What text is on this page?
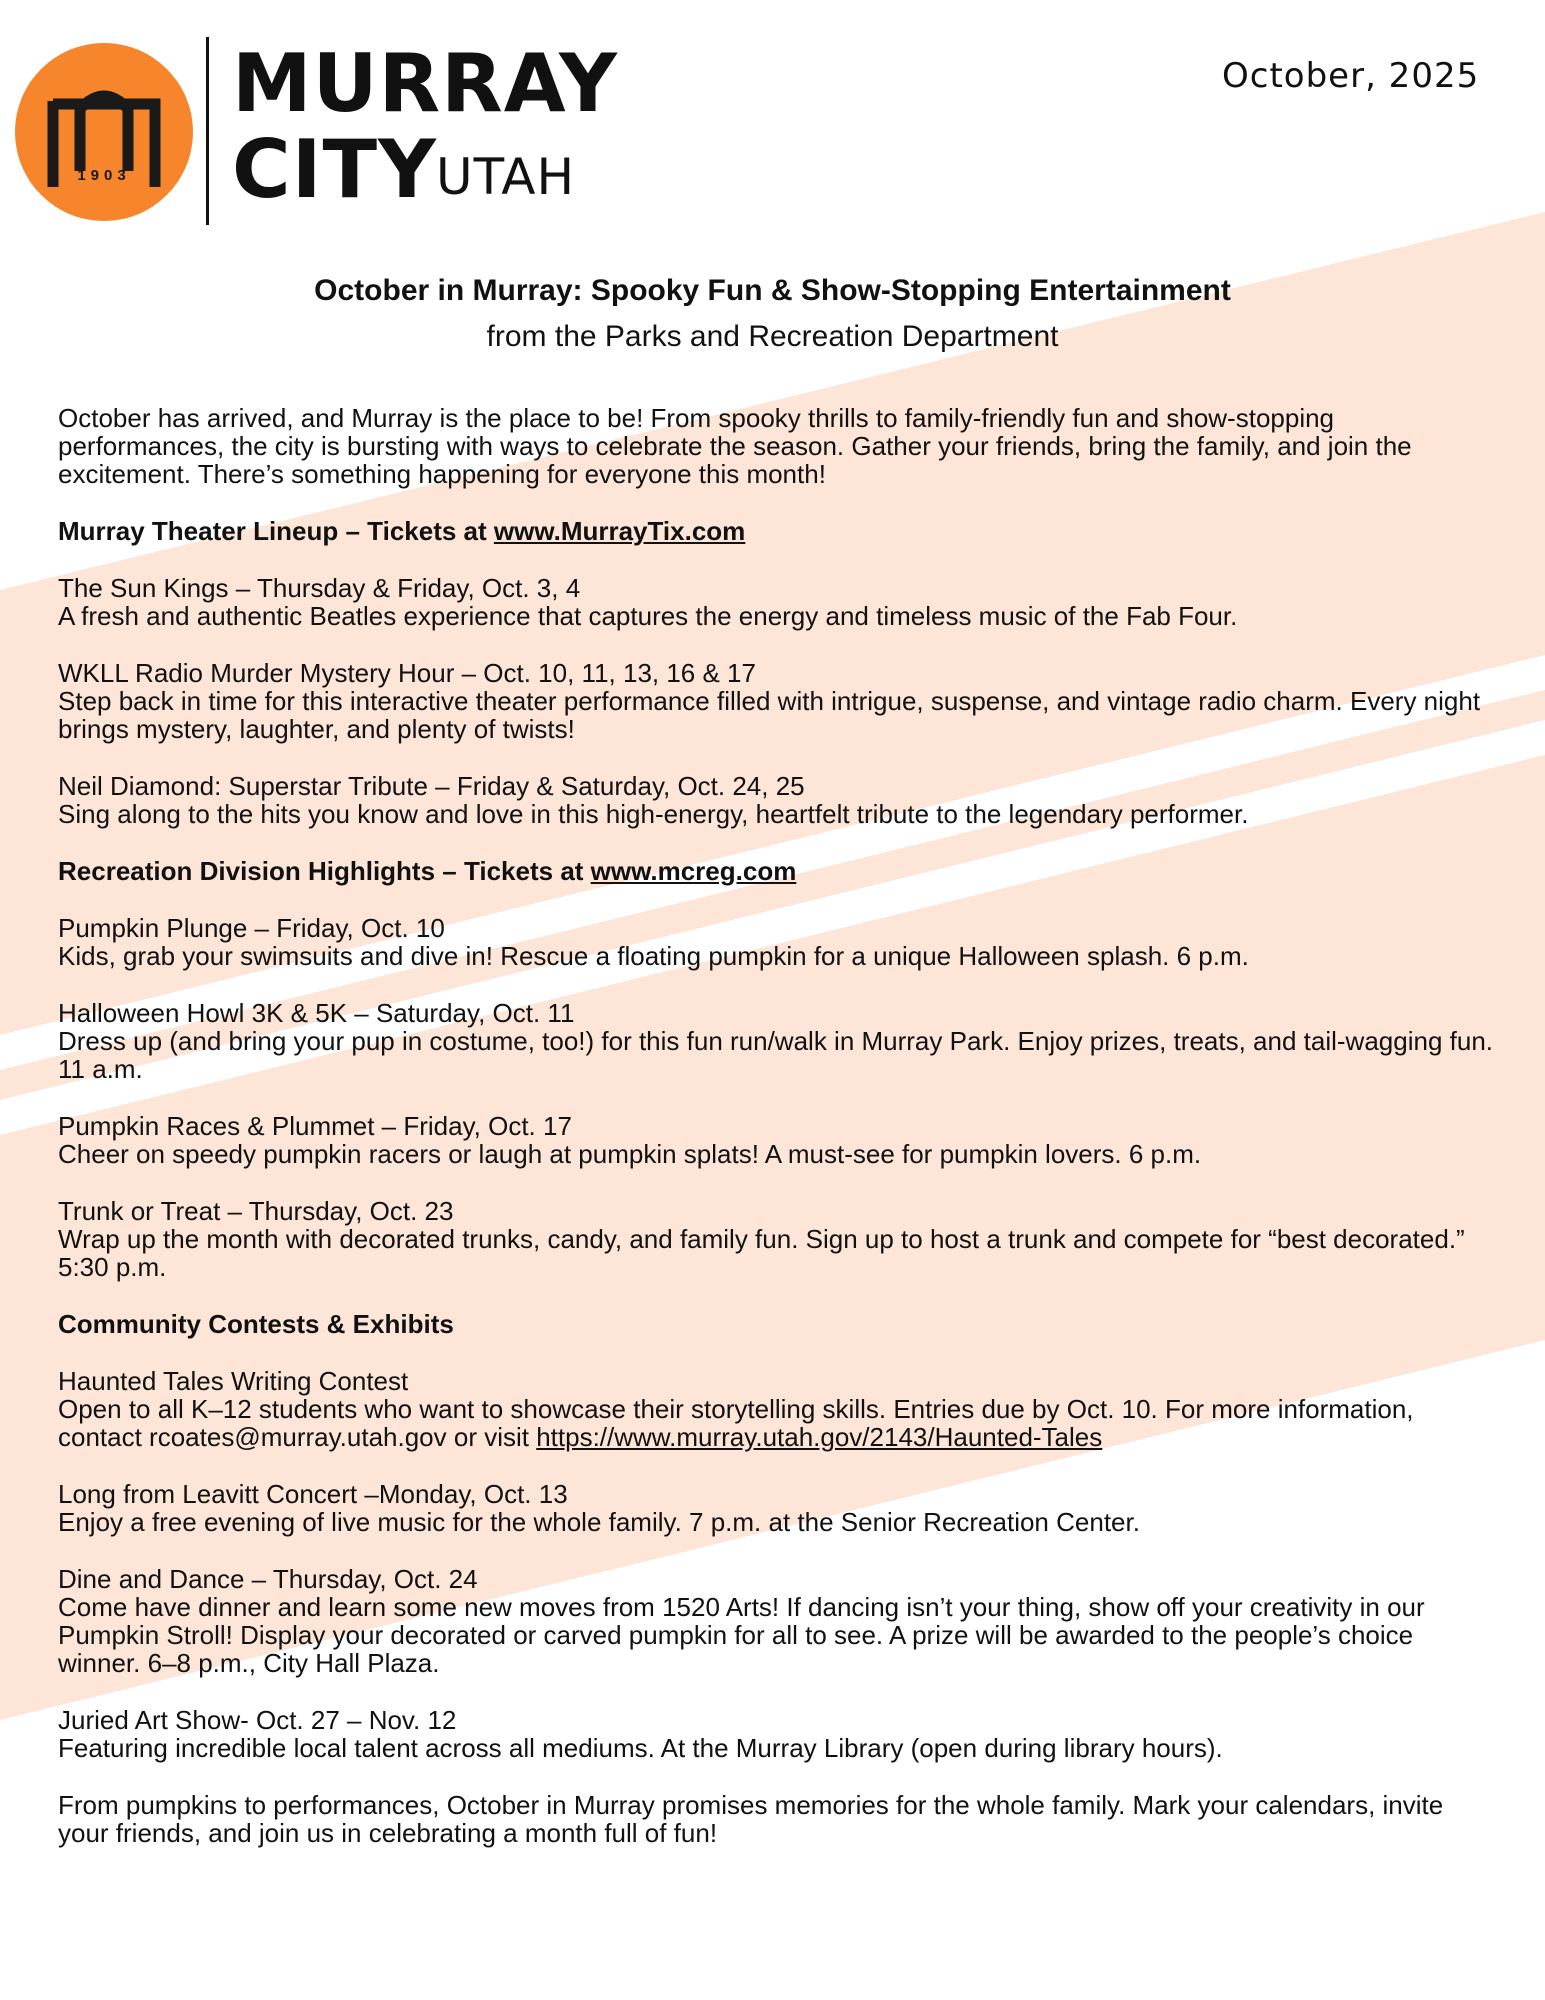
1903
MURRAY
CITY UTAH
October, 2025
October in Murray: Spooky Fun & Show-Stopping Entertainment
from the Parks and Recreation Department

October has arrived, and Murray is the place to be! From spooky thrills to family-friendly fun and show-stopping performances, the city is bursting with ways to celebrate the season. Gather your friends, bring the family, and join the excitement. There’s something happening for everyone this month!

Murray Theater Lineup – Tickets at www.MurrayTix.com

The Sun Kings – Thursday & Friday, Oct. 3, 4
A fresh and authentic Beatles experience that captures the energy and timeless music of the Fab Four.

WKLL Radio Murder Mystery Hour – Oct. 10, 11, 13, 16 & 17
Step back in time for this interactive theater performance filled with intrigue, suspense, and vintage radio charm. Every night brings mystery, laughter, and plenty of twists!

Neil Diamond: Superstar Tribute – Friday & Saturday, Oct. 24, 25
Sing along to the hits you know and love in this high-energy, heartfelt tribute to the legendary performer.

Recreation Division Highlights – Tickets at www.mcreg.com

Pumpkin Plunge – Friday, Oct. 10
Kids, grab your swimsuits and dive in! Rescue a floating pumpkin for a unique Halloween splash. 6 p.m.

Halloween Howl 3K & 5K – Saturday, Oct. 11
Dress up (and bring your pup in costume, too!) for this fun run/walk in Murray Park. Enjoy prizes, treats, and tail-wagging fun. 11 a.m.

Pumpkin Races & Plummet – Friday, Oct. 17
Cheer on speedy pumpkin racers or laugh at pumpkin splats! A must-see for pumpkin lovers. 6 p.m.

Trunk or Treat – Thursday, Oct. 23
Wrap up the month with decorated trunks, candy, and family fun. Sign up to host a trunk and compete for “best decorated.” 5:30 p.m.

Community Contests & Exhibits

Haunted Tales Writing Contest
Open to all K–12 students who want to showcase their storytelling skills. Entries due by Oct. 10. For more information, contact rcoates@murray.utah.gov or visit https://www.murray.utah.gov/2143/Haunted-Tales

Long from Leavitt Concert –Monday, Oct. 13
Enjoy a free evening of live music for the whole family. 7 p.m. at the Senior Recreation Center.

Dine and Dance – Thursday, Oct. 24
Come have dinner and learn some new moves from 1520 Arts! If dancing isn’t your thing, show off your creativity in our Pumpkin Stroll! Display your decorated or carved pumpkin for all to see. A prize will be awarded to the people’s choice winner. 6–8 p.m., City Hall Plaza.

Juried Art Show- Oct. 27 – Nov. 12
Featuring incredible local talent across all mediums. At the Murray Library (open during library hours).

From pumpkins to performances, October in Murray promises memories for the whole family. Mark your calendars, invite your friends, and join us in celebrating a month full of fun!
